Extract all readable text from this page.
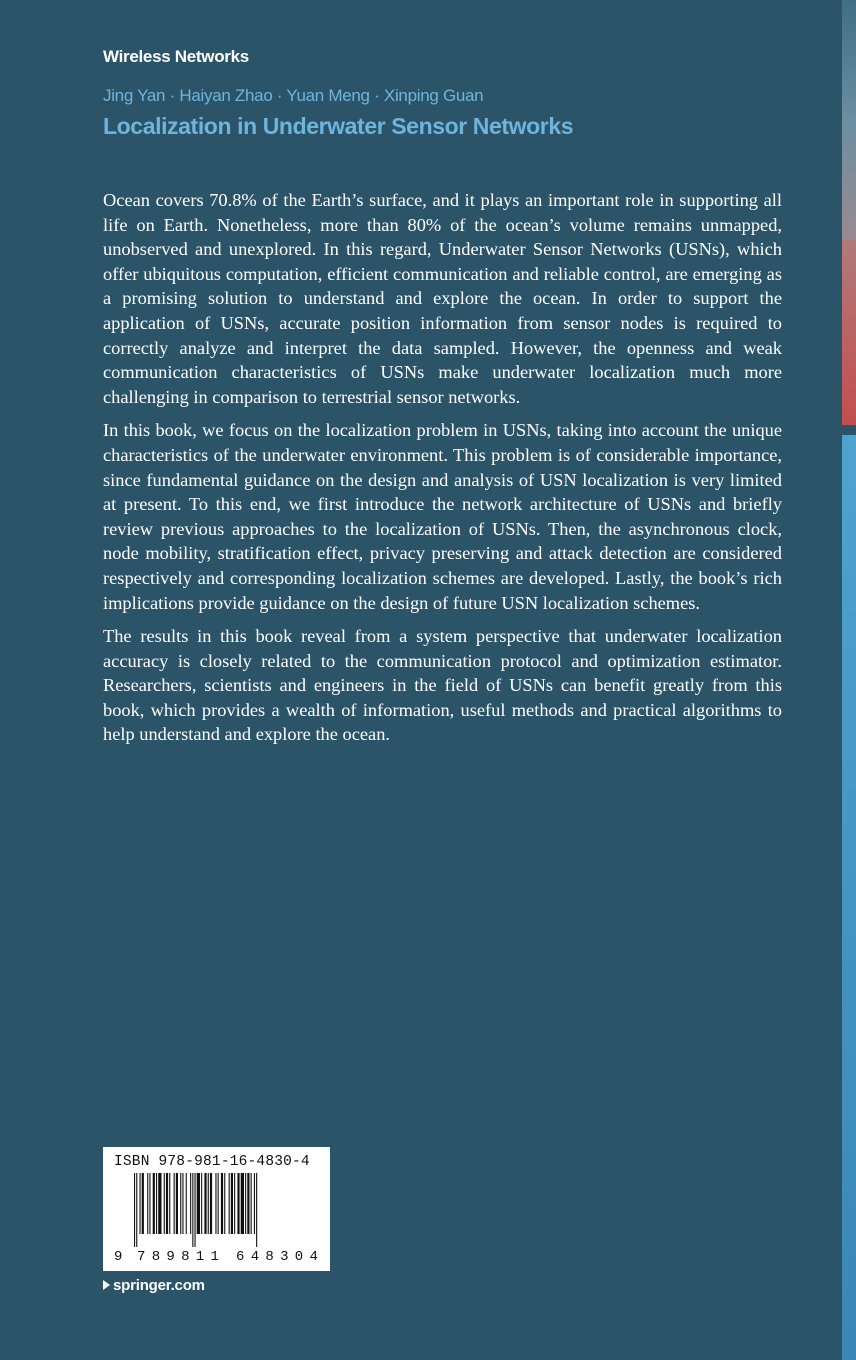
Wireless Networks
Jing Yan · Haiyan Zhao · Yuan Meng · Xinping Guan
Localization in Underwater Sensor Networks

Ocean covers 70.8% of the Earth’s surface, and it plays an important role in supporting all life on Earth. Nonetheless, more than 80% of the ocean’s volume remains unmapped, unobserved and unexplored. In this regard, Underwater Sensor Networks (USNs), which offer ubiquitous computation, efficient communication and reliable control, are emerging as a promising solution to understand and explore the ocean. In order to support the application of USNs, accurate position information from sensor nodes is required to correctly analyze and interpret the data sampled. However, the openness and weak communication characteristics of USNs make underwater localization much more challenging in comparison to terrestrial sensor networks.

In this book, we focus on the localization problem in USNs, taking into account the unique characteristics of the underwater environment. This problem is of considerable importance, since fundamental guidance on the design and analysis of USN localization is very limited at present. To this end, we first introduce the network architecture of USNs and briefly review previous approaches to the localization of USNs. Then, the asynchronous clock, node mobility, stratification effect, privacy preserving and attack detection are considered respectively and corresponding localization schemes are developed. Lastly, the book’s rich implications provide guidance on the design of future USN localization schemes.

The results in this book reveal from a system perspective that underwater localization accuracy is closely related to the communication protocol and optimization estimator. Researchers, scientists and engineers in the field of USNs can benefit greatly from this book, which provides a wealth of information, useful methods and practical algorithms to help understand and explore the ocean.

ISBN 978-981-16-4830-4
9 789811 648304
springer.com
